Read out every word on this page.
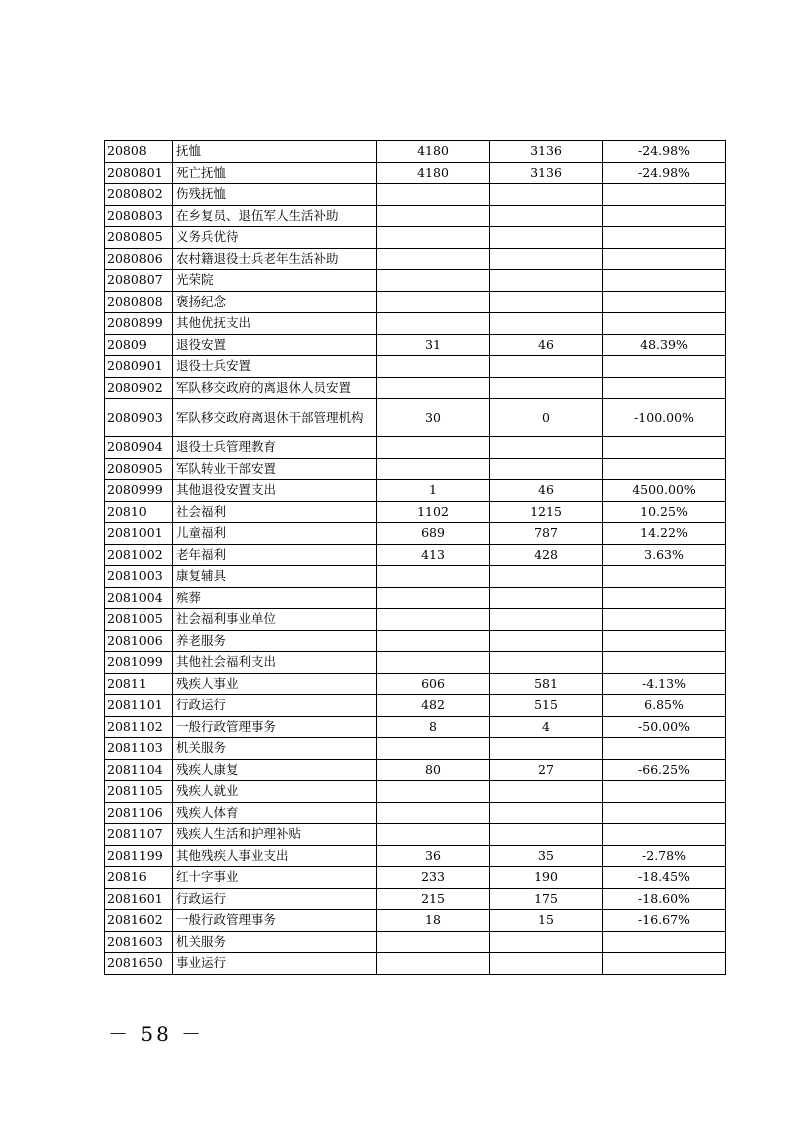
20808	抚恤	4180	3136	-24.98%
2080801	死亡抚恤	4180	3136	-24.98%
2080802	伤残抚恤			
2080803	在乡复员、退伍军人生活补助			
2080805	义务兵优待			
2080806	农村籍退役士兵老年生活补助			
2080807	光荣院			
2080808	褒扬纪念			
2080899	其他优抚支出			
20809	退役安置	31	46	48.39%
2080901	退役士兵安置			
2080902	军队移交政府的离退休人员安置			
2080903	军队移交政府离退休干部管理机构	30	0	-100.00%
2080904	退役士兵管理教育			
2080905	军队转业干部安置			
2080999	其他退役安置支出	1	46	4500.00%
20810	社会福利	1102	1215	10.25%
2081001	儿童福利	689	787	14.22%
2081002	老年福利	413	428	3.63%
2081003	康复辅具			
2081004	殡葬			
2081005	社会福利事业单位			
2081006	养老服务			
2081099	其他社会福利支出			
20811	残疾人事业	606	581	-4.13%
2081101	行政运行	482	515	6.85%
2081102	一般行政管理事务	8	4	-50.00%
2081103	机关服务			
2081104	残疾人康复	80	27	-66.25%
2081105	残疾人就业			
2081106	残疾人体育			
2081107	残疾人生活和护理补贴			
2081199	其他残疾人事业支出	36	35	-2.78%
20816	红十字事业	233	190	-18.45%
2081601	行政运行	215	175	-18.60%
2081602	一般行政管理事务	18	15	-16.67%
2081603	机关服务			
2081650	事业运行			
－ 58 －
